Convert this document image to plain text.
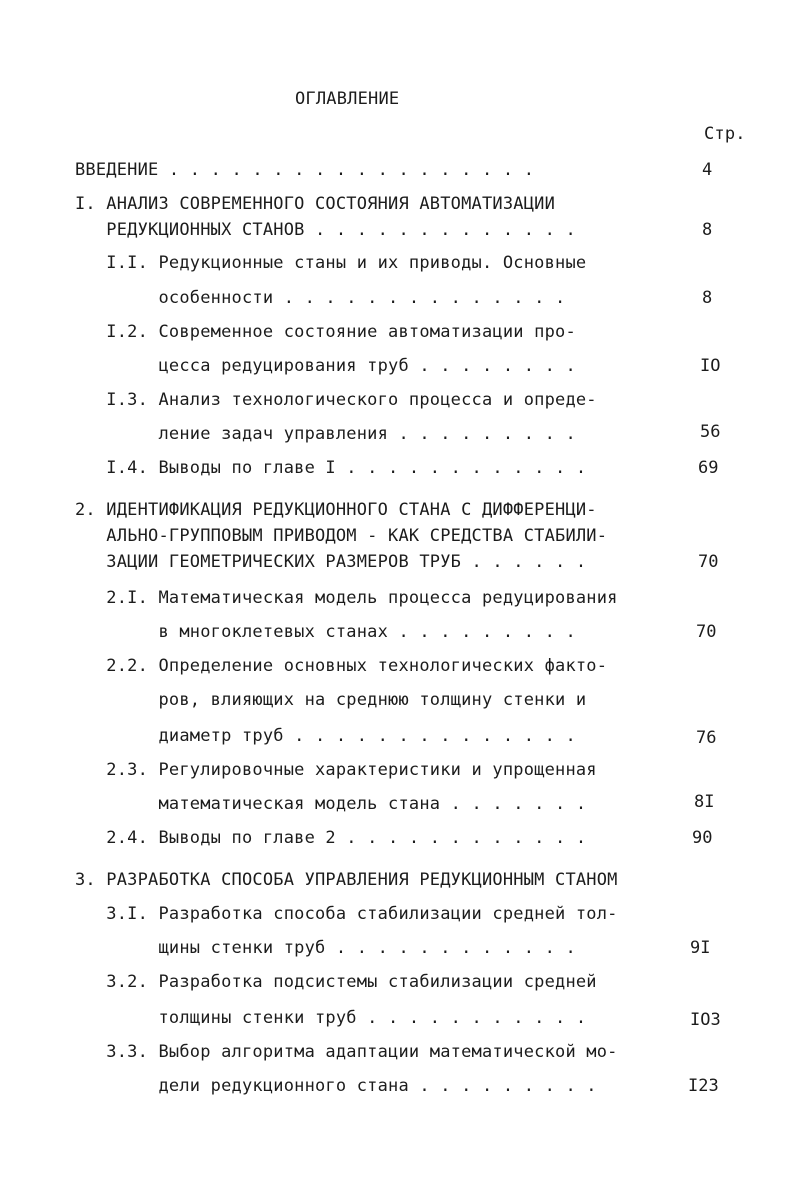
ОГЛАВЛЕНИЕ
Стр.
ВВЕДЕНИЕ . . . . . . . . . . . . . . . . . .	4
I. АНАЛИЗ СОВРЕМЕННОГО СОСТОЯНИЯ АВТОМАТИЗАЦИИ
РЕДУКЦИОННЫХ СТАНОВ . . . . . . . . . . . . .	8
I.I. Редукционные станы и их приводы. Основные
особенности . . . . . . . . . . . . . .	8
I.2. Современное состояние автоматизации про-
цесса редуцирования труб . . . . . . . .	IO
I.3. Анализ технологического процесса и опреде-
ление задач управления . . . . . . . . .	56
I.4. Выводы по главе I . . . . . . . . . . . .	69
2. ИДЕНТИФИКАЦИЯ РЕДУКЦИОННОГО СТАНА С ДИФФЕРЕНЦИ-
АЛЬНО-ГРУППОВЫМ ПРИВОДОМ - КАК СРЕДСТВА СТАБИЛИ-
ЗАЦИИ ГЕОМЕТРИЧЕСКИХ РАЗМЕРОВ ТРУБ . . . . . .	70
2.I. Математическая модель процесса редуцирования
в многоклетевых станах . . . . . . . . .	70
2.2. Определение основных технологических факто-
ров, влияющих на среднюю толщину стенки и
диаметр труб . . . . . . . . . . . . . .	76
2.3. Регулировочные характеристики и упрощенная
математическая модель стана . . . . . . .	8I
2.4. Выводы по главе 2 . . . . . . . . . . . .	90
3. РАЗРАБОТКА СПОСОБА УПРАВЛЕНИЯ РЕДУКЦИОННЫМ СТАНОМ
3.I. Разработка способа стабилизации средней тол-
щины стенки труб . . . . . . . . . . . .	9I
3.2. Разработка подсистемы стабилизации средней
толщины стенки труб . . . . . . . . . . .	IO3
3.3. Выбор алгоритма адаптации математической мо-
дели редукционного стана . . . . . . . . .	I23
